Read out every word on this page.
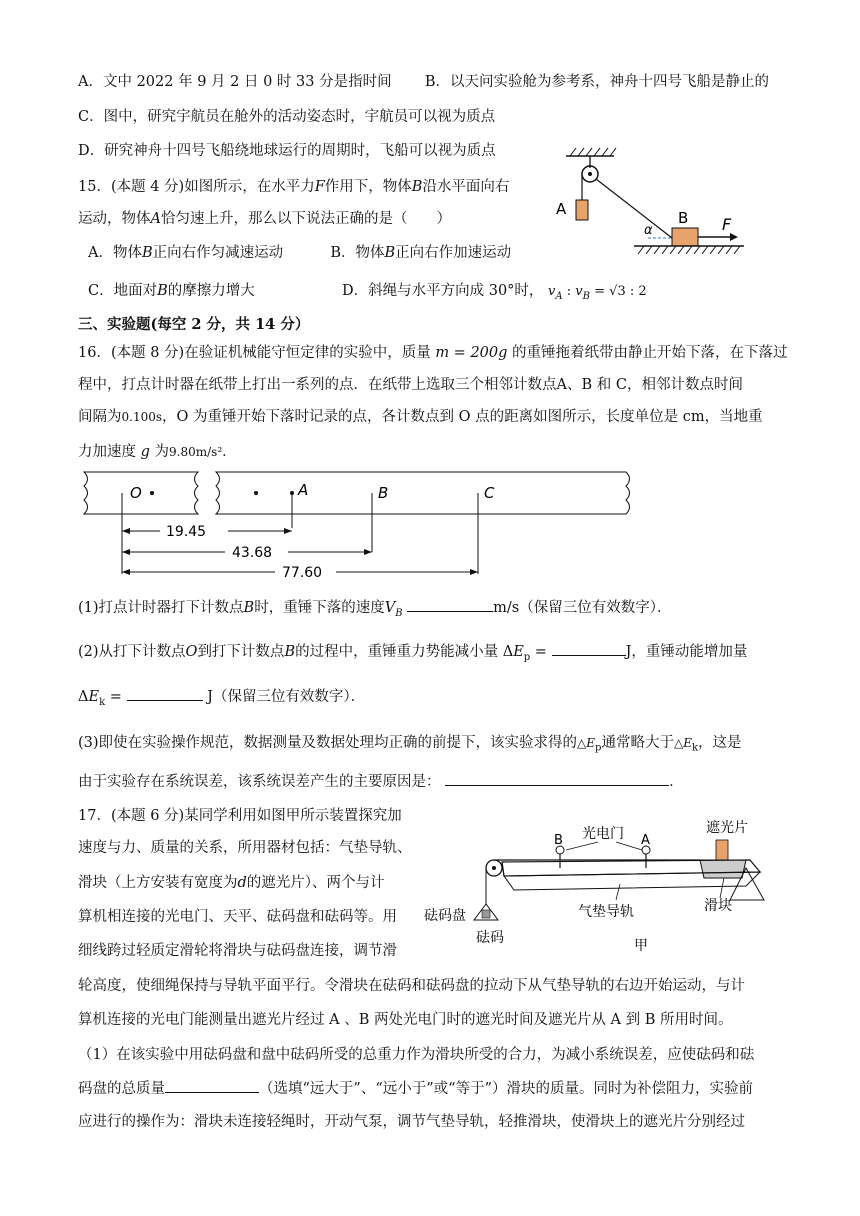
A．文中 2022 年 9 月 2 日 0 时 33 分是指时间 B．以天问实验舱为参考系，神舟十四号飞船是静止的
C．图中，研究宇航员在舱外的活动姿态时，宇航员可以视为质点
D．研究神舟十四号飞船绕地球运行的周期时，飞船可以视为质点
15．(本题 4 分)如图所示，在水平力F作用下，物体B沿水平面向右
运动，物体A恰匀速上升，那么以下说法正确的是（　　）
A．物体B正向右作匀减速运动	B．物体B正向右作加速运动
C．地面对B的摩擦力增大	D．斜绳与水平方向成 30°时， $v_A$ : $v_B = √3$ : 2
A	B
α	F
三、实验题(每空 2 分，共 14 分）
16．(本题 8 分)在验证机械能守恒定律的实验中，质量 m = 200g 的重锤拖着纸带由静止开始下落，在下落过
程中，打点计时器在纸带上打出一系列的点．在纸带上选取三个相邻计数点A、B 和 C，相邻计数点时间
间隔为0.100s，O 为重锤开始下落时记录的点，各计数点到 O 点的距离如图所示，长度单位是 cm，当地重
力加速度 g 为9.80m/s²．
O	A	B	C
19.45
43.68
77.60
(1)打点计时器打下计数点B时，重锤下落的速度$V_B$	m/s（保留三位有效数字）．
(2)从打下计数点O到打下计数点B的过程中，重锤重力势能减小量 $\Delta E_p$ =	J，重锤动能增加量
$\Delta E_k$ =	J（保留三位有效数字）．
(3)即使在实验操作规范，数据测量及数据处理均正确的前提下，该实验求得的$\triangle E_p$通常略大于$\triangle E_k$，这是
由于实验存在系统误差，该系统误差产生的主要原因是：	．
17．(本题 6 分)某同学利用如图甲所示装置探究加
速度与力、质量的关系，所用器材包括：气垫导轨、
滑块（上方安装有宽度为d的遮光片）、两个与计
算机相连接的光电门、天平、砝码盘和砝码等。用
细线跨过轻质定滑轮将滑块与砝码盘连接，调节滑
轮高度，使细绳保持与导轨平面平行。令滑块在砝码和砝码盘的拉动下从气垫导轨的右边开始运动，与计
算机连接的光电门能测量出遮光片经过 A 、B 两处光电门时的遮光时间及遮光片从 A 到 B 所用时间。
（1）在该实验中用砝码盘和盘中砝码所受的总重力作为滑块所受的合力，为减小系统误差，应使砝码和砝
码盘的总质量	（选填“远大于”、“远小于”或“等于”）滑块的质量。同时为补偿阻力，实验前
应进行的操作为：滑块未连接轻绳时，开动气泵，调节气垫导轨，轻推滑块，使滑块上的遮光片分别经过
遮光片
B	A
光电门
砝码盘
砝码
气垫导轨	滑块
甲
